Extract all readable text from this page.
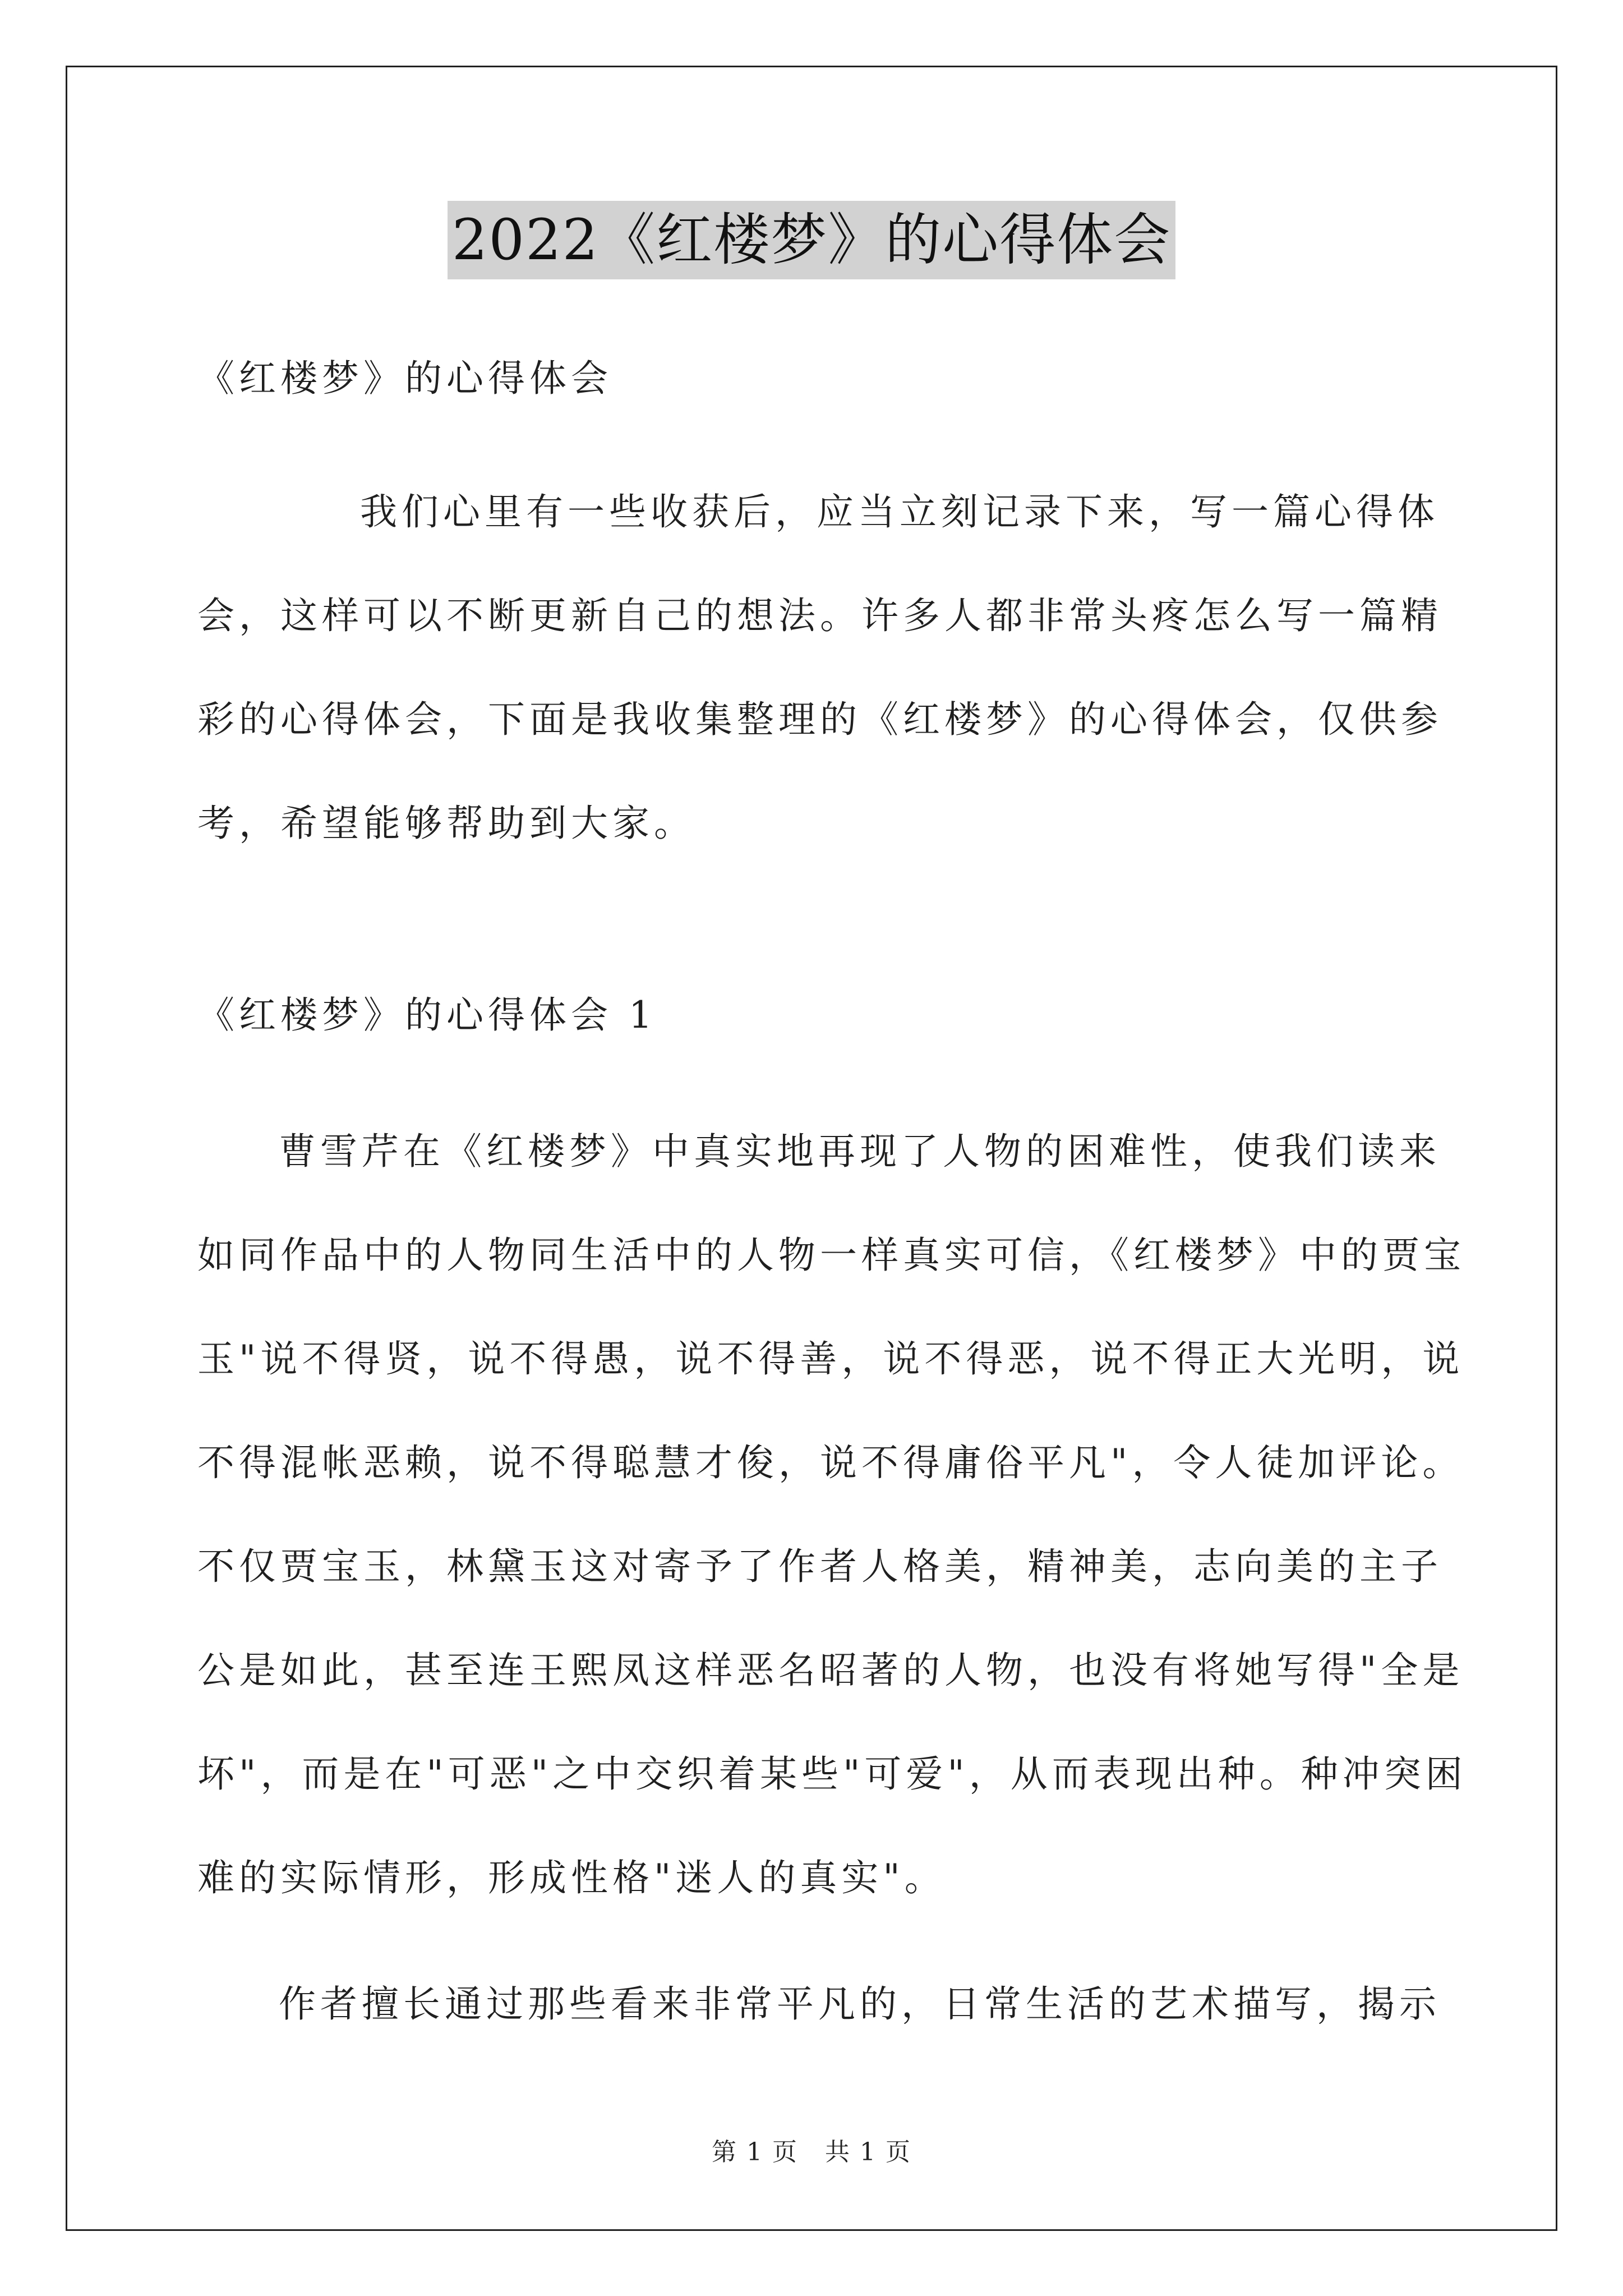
2022《红楼梦》的心得体会
《红楼梦》的心得体会
我们心里有一些收获后，应当立刻记录下来，写一篇心得体
会，这样可以不断更新自己的想法。许多人都非常头疼怎么写一篇精
彩的心得体会，下面是我收集整理的《红楼梦》的心得体会，仅供参
考，希望能够帮助到大家。
《红楼梦》的心得体会 1
曹雪芹在《红楼梦》中真实地再现了人物的困难性，使我们读来
如同作品中的人物同生活中的人物一样真实可信，《红楼梦》中的贾宝
玉"说不得贤，说不得愚，说不得善，说不得恶，说不得正大光明，说
不得混帐恶赖，说不得聪慧才俊，说不得庸俗平凡"，令人徒加评论。
不仅贾宝玉，林黛玉这对寄予了作者人格美，精神美，志向美的主子
公是如此，甚至连王熙凤这样恶名昭著的人物，也没有将她写得"全是
坏"，而是在"可恶"之中交织着某些"可爱"，从而表现出种。种冲突困
难的实际情形，形成性格"迷人的真实"。
作者擅长通过那些看来非常平凡的，日常生活的艺术描写，揭示
第 1 页   共 1 页
